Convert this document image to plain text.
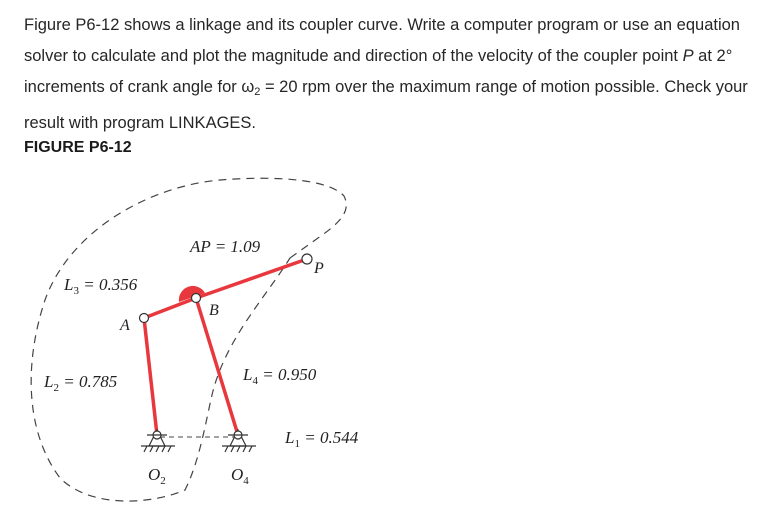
Figure P6-12 shows a linkage and its coupler curve. Write a computer program or use an equation solver to calculate and plot the magnitude and direction of the velocity of the coupler point P at 2° increments of crank angle for $\omega_2 = 20$ rpm over the maximum range of motion possible. Check your result with program LINKAGES.

FIGURE P6-12

AP = 1.09
P
B
A
$L_3 = 0.356$
$L_2 = 0.785$	$L_4 = 0.950$
$L_1 = 0.544$
$O_2$	$O_4$
